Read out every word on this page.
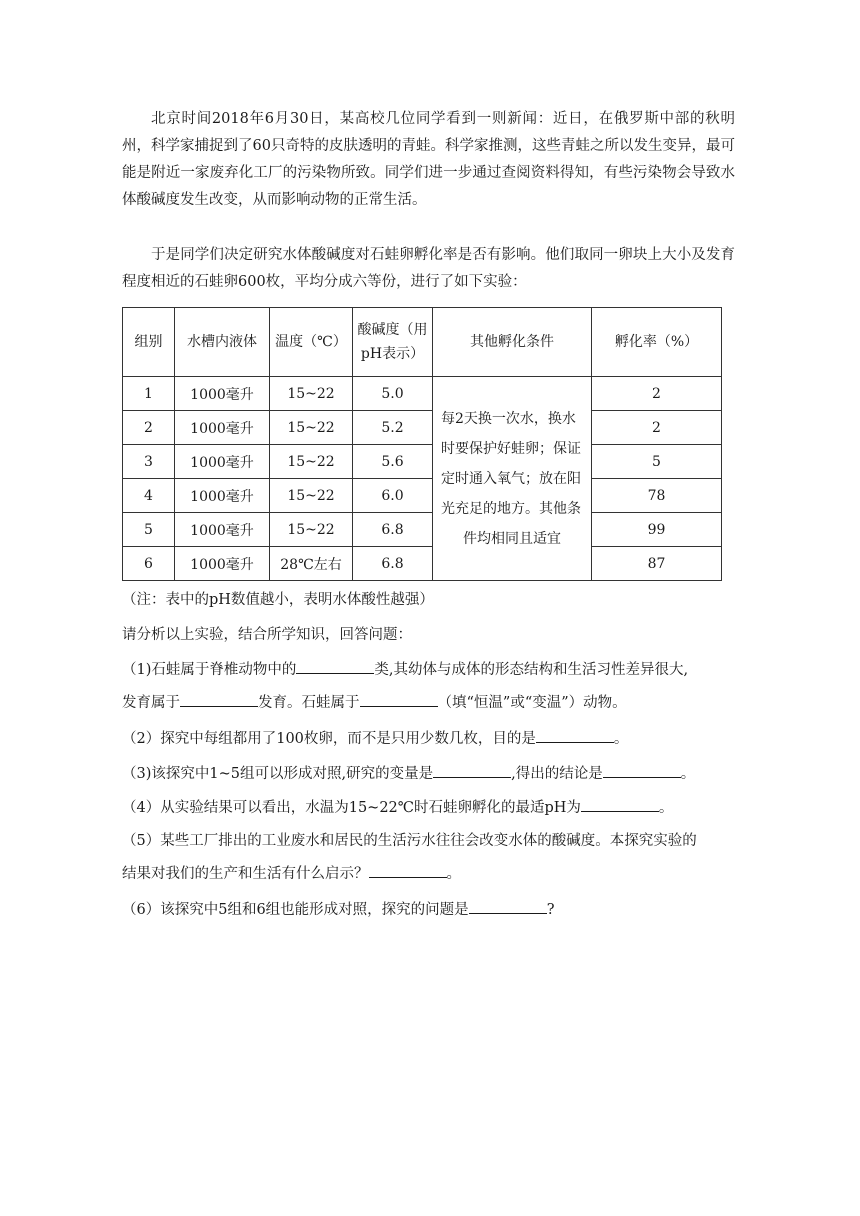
北京时间2018年6月30日，某高校几位同学看到一则新闻：近日，在俄罗斯中部的秋明州，科学家捕捉到了60只奇特的皮肤透明的青蛙。科学家推测，这些青蛙之所以发生变异，最可能是附近一家废弃化工厂的污染物所致。同学们进一步通过查阅资料得知，有些污染物会导致水体酸碱度发生改变，从而影响动物的正常生活。

于是同学们决定研究水体酸碱度对石蛙卵孵化率是否有影响。他们取同一卵块上大小及发育程度相近的石蛙卵600枚，平均分成六等份，进行了如下实验：

组别	水槽内液体	温度（℃）	酸碱度（用pH表示）	其他孵化条件	孵化率（%）
1	1000毫升	15~22	5.0	每2天换一次水，换水时要保护好蛙卵；保证定时通入氧气；放在阳光充足的地方。其他条件均相同且适宜	2
2	1000毫升	15~22	5.2		2
3	1000毫升	15~22	5.6		5
4	1000毫升	15~22	6.0		78
5	1000毫升	15~22	6.8		99
6	1000毫升	28℃左右	6.8		87

（注：表中的pH数值越小，表明水体酸性越强）

请分析以上实验，结合所学知识，回答问题：

（1)石蛙属于脊椎动物中的	类,其幼体与成体的形态结构和生活习性差异很大,

发育属于	发育。石蛙属于	（填“恒温”或“变温”）动物。

（2）探究中每组都用了100枚卵，而不是只用少数几枚，目的是	。

（3)该探究中1~5组可以形成对照,研究的变量是	,得出的结论是	。

（4）从实验结果可以看出，水温为15~22℃时石蛙卵孵化的最适pH为	。

（5）某些工厂排出的工业废水和居民的生活污水往往会改变水体的酸碱度。本探究实验的

结果对我们的生产和生活有什么启示？	。

（6）该探究中5组和6组也能形成对照，探究的问题是	?
